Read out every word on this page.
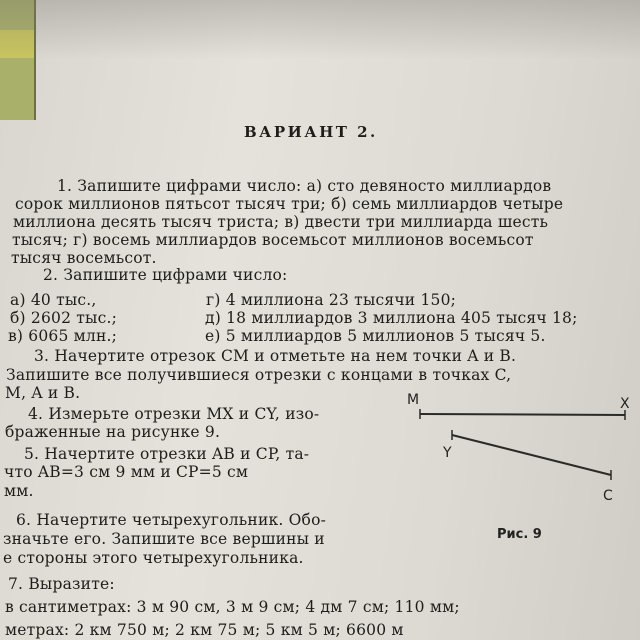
ВАРИАНТ 2.
1. Запишите цифрами число: а) сто девяносто миллиардов
сорок миллионов пятьсот тысяч три; б) семь миллиардов четыре
миллиона десять тысяч триста; в) двести три миллиарда шесть
тысяч; г) восемь миллиардов восемьсот миллионов восемьсот
тысяч восемьсот.
2. Запишите цифрами число:
а) 40 тыс.,
б) 2602 тыс.;
в) 6065 млн.;
г) 4 миллиона 23 тысячи 150;
д) 18 миллиардов 3 миллиона 405 тысяч 18;
е) 5 миллиардов 5 миллионов 5 тысяч 5.
3. Начертите отрезок CM и отметьте на нем точки A и B.
Запишите все получившиеся отрезки с концами в точках C,
M, A и B.
4. Измерьте отрезки MX и CY, изо-
браженные на рисунке 9.
5. Начертите отрезки AB и CP, та-
что AB=3 см 9 мм и CP=5 см
мм.
6. Начертите четырехугольник. Обо-
значьте его. Запишите все вершины и
е стороны этого четырехугольника.
7. Выразите:
в сантиметрах: 3 м 90 см, 3 м 9 см; 4 дм 7 см; 110 мм;
метрах: 2 км 750 м; 2 км 75 м; 5 км 5 м; 6600 м
M	X
Y
C
Рис. 9
